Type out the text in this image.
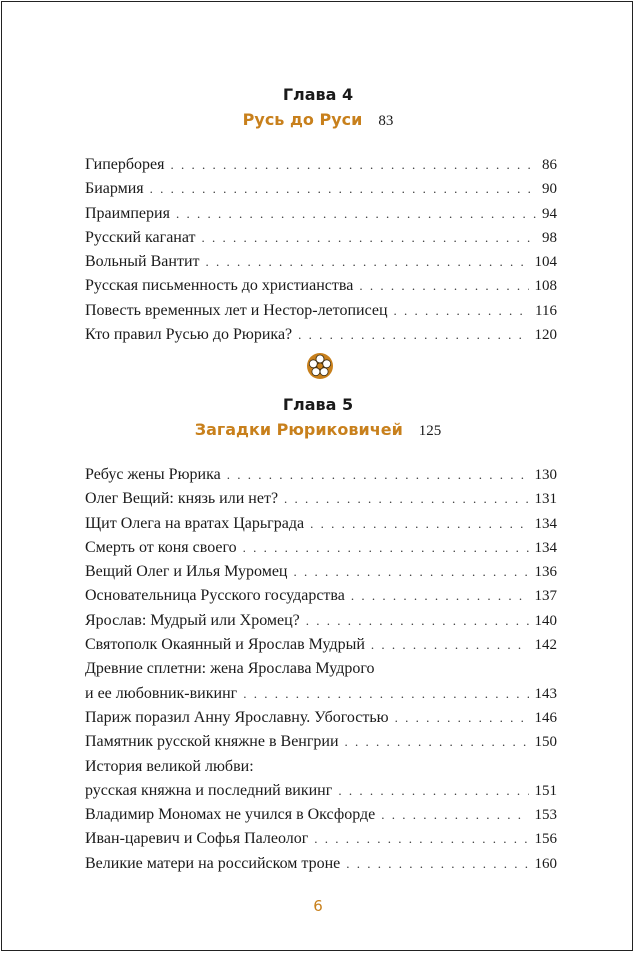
Глава 4
Русь до Руси 83
Гиперборея . . .	86
Биармия . . .	90
Праимперия . . .	94
Русский каганат . . .	98
Вольный Вантит . . .	104
Русская письменность до христианства . . .	108
Повесть временных лет и Нестор-летописец . . .	116
Кто правил Русью до Рюрика? . . .	120
Глава 5
Загадки Рюриковичей 125
Ребус жены Рюрика . . .	130
Олег Вещий: князь или нет? . . .	131
Щит Олега на вратах Царьграда . . .	134
Смерть от коня своего . . .	134
Вещий Олег и Илья Муромец . . .	136
Основательница Русского государства . . .	137
Ярослав: Мудрый или Хромец? . . .	140
Святополк Окаянный и Ярослав Мудрый . . .	142
Древние сплетни: жена Ярослава Мудрого
и ее любовник-викинг . . .	143
Париж поразил Анну Ярославну. Убогостью . . .	146
Памятник русской княжне в Венгрии . . .	150
История великой любви:
русская княжна и последний викинг . . .	151
Владимир Мономах не учился в Оксфорде . . .	153
Иван-царевич и Софья Палеолог . . .	156
Великие матери на российском троне . . .	160
6
